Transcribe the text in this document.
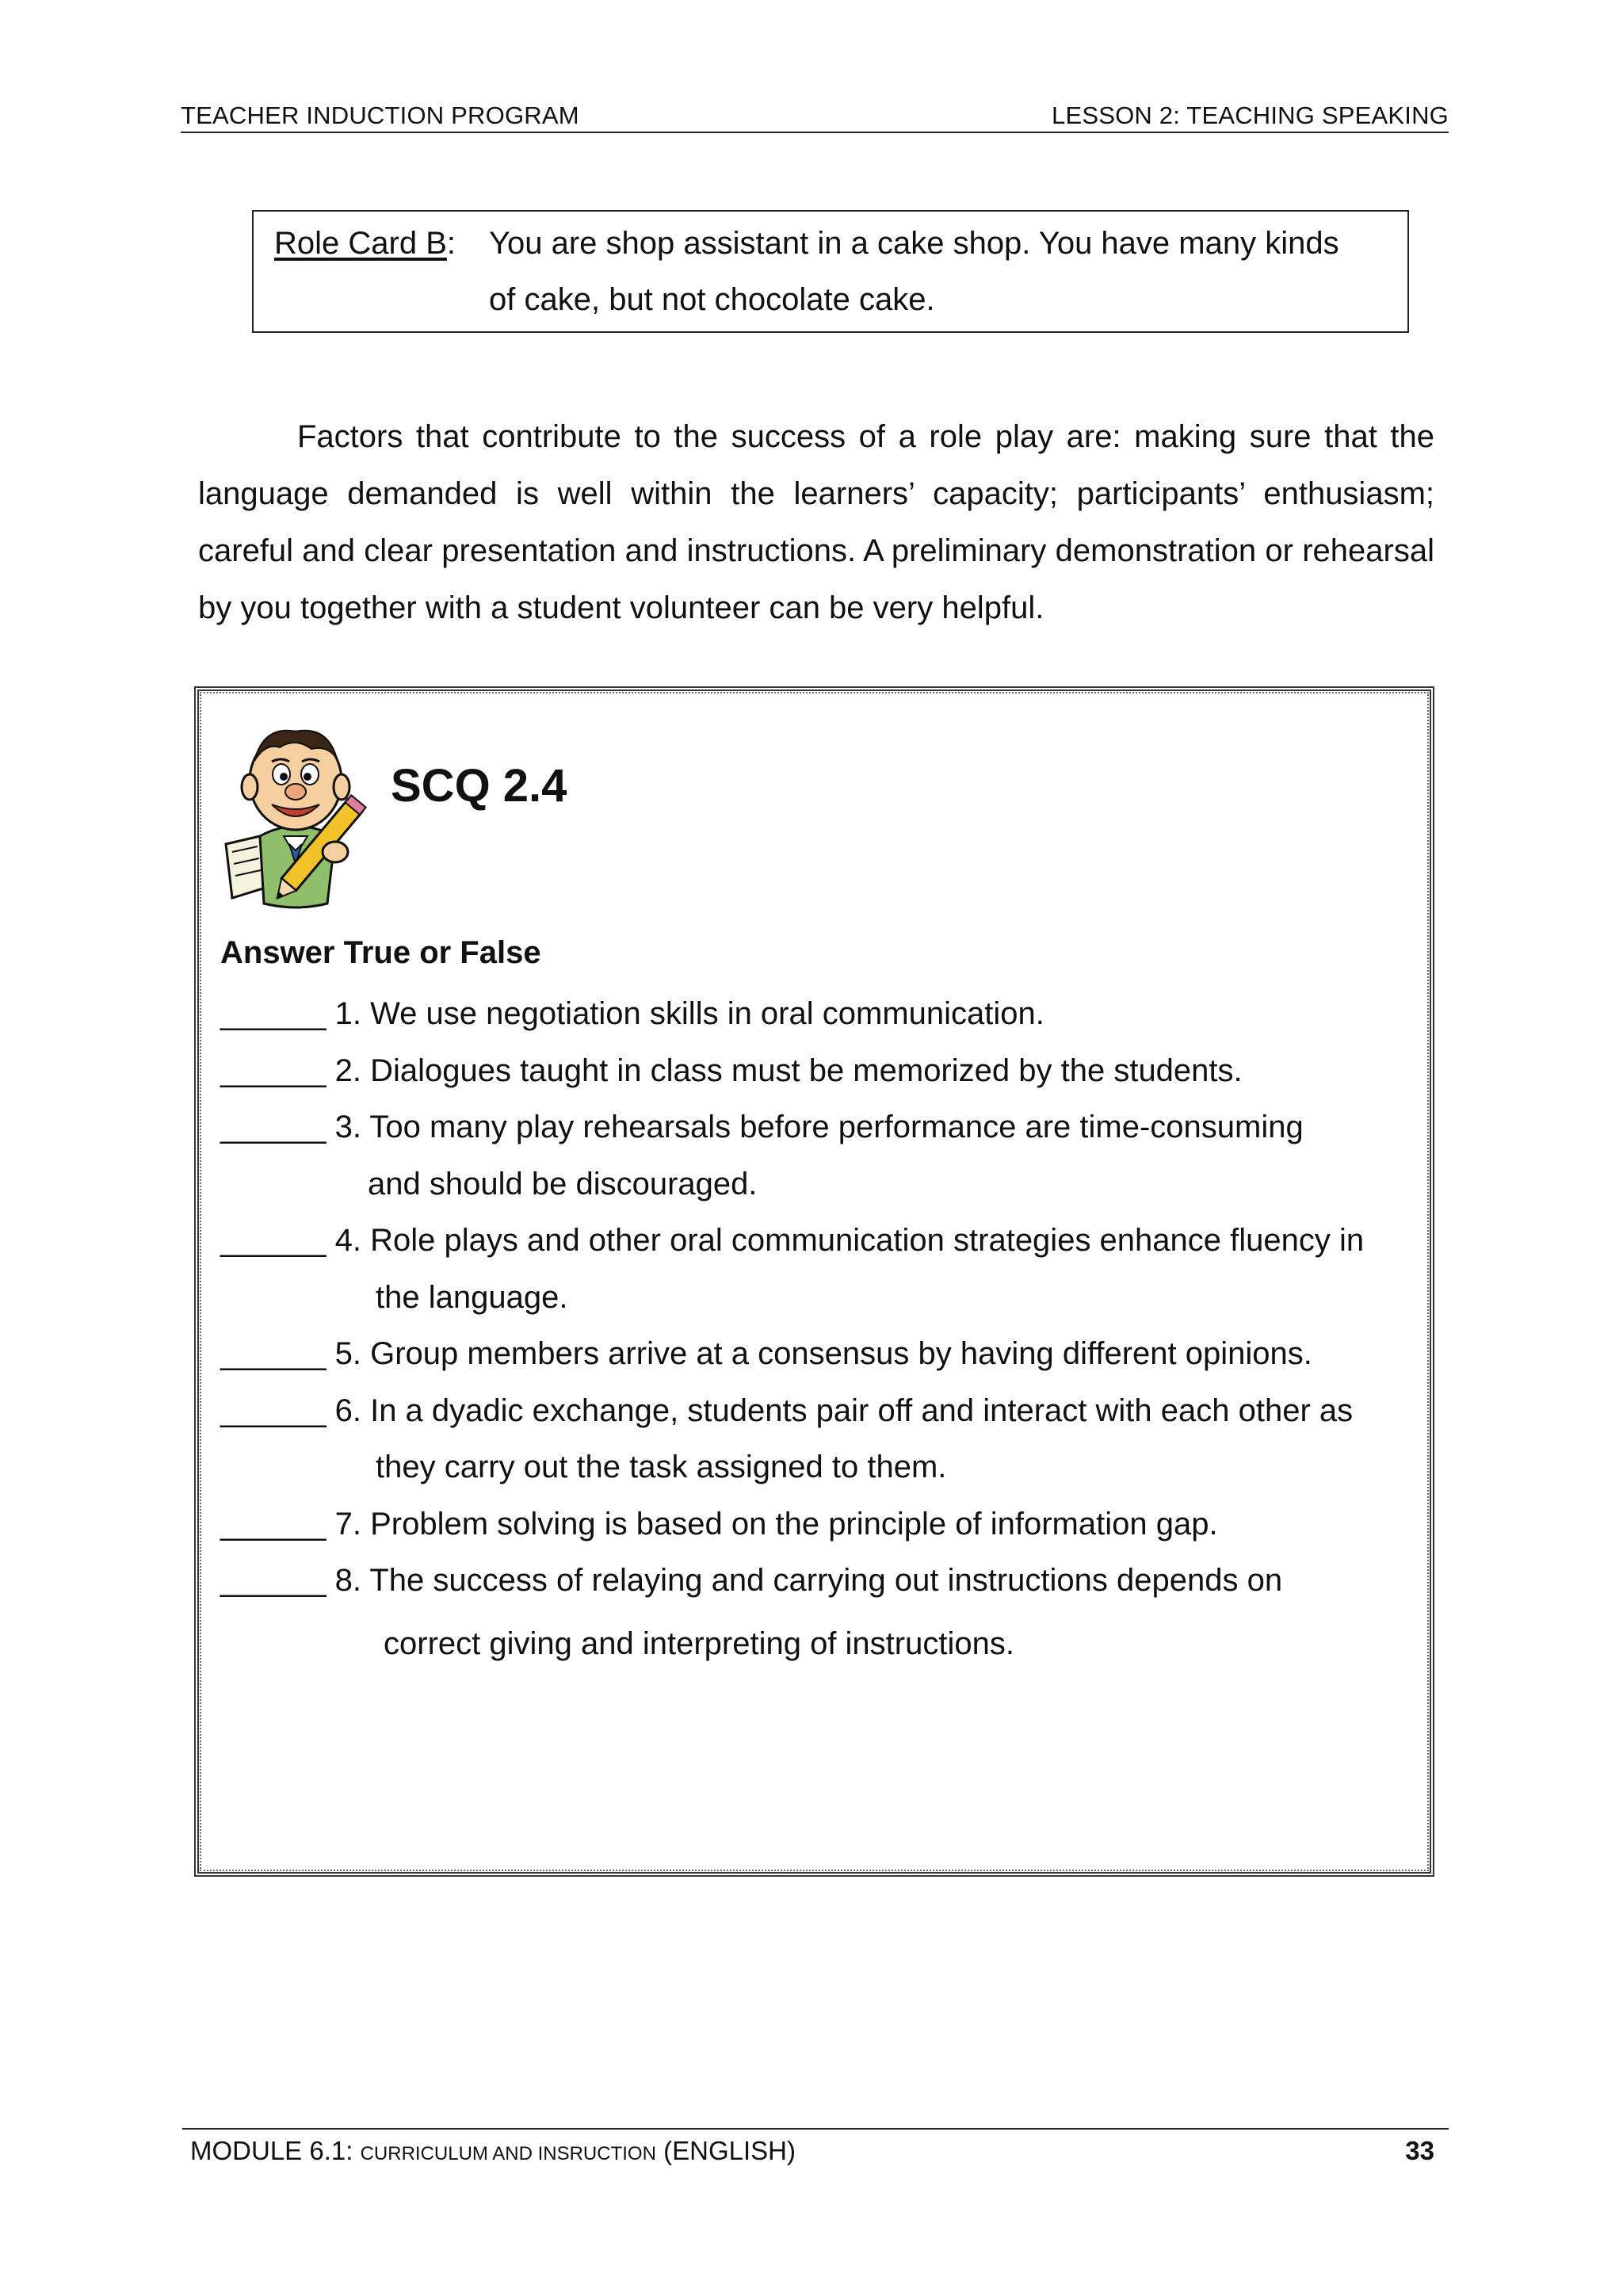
TEACHER INDUCTION PROGRAM	LESSON 2: TEACHING SPEAKING
Role Card B: You are shop assistant in a cake shop. You have many kinds
of cake, but not chocolate cake.

Factors that contribute to the success of a role play are: making sure that the language demanded is well within the learners’ capacity; participants’ enthusiasm; careful and clear presentation and instructions. A preliminary demonstration or rehearsal by you together with a student volunteer can be very helpful.

SCQ 2.4
Answer True or False
______ 1. We use negotiation skills in oral communication.
______ 2. Dialogues taught in class must be memorized by the students.
______ 3. Too many play rehearsals before performance are time-consuming
and should be discouraged.
______ 4. Role plays and other oral communication strategies enhance fluency in
the language.
______ 5. Group members arrive at a consensus by having different opinions.
______ 6. In a dyadic exchange, students pair off and interact with each other as
they carry out the task assigned to them.
______ 7. Problem solving is based on the principle of information gap.
______ 8. The success of relaying and carrying out instructions depends on
correct giving and interpreting of instructions.
MODULE 6.1: CURRICULUM AND INSRUCTION (ENGLISH)	33
